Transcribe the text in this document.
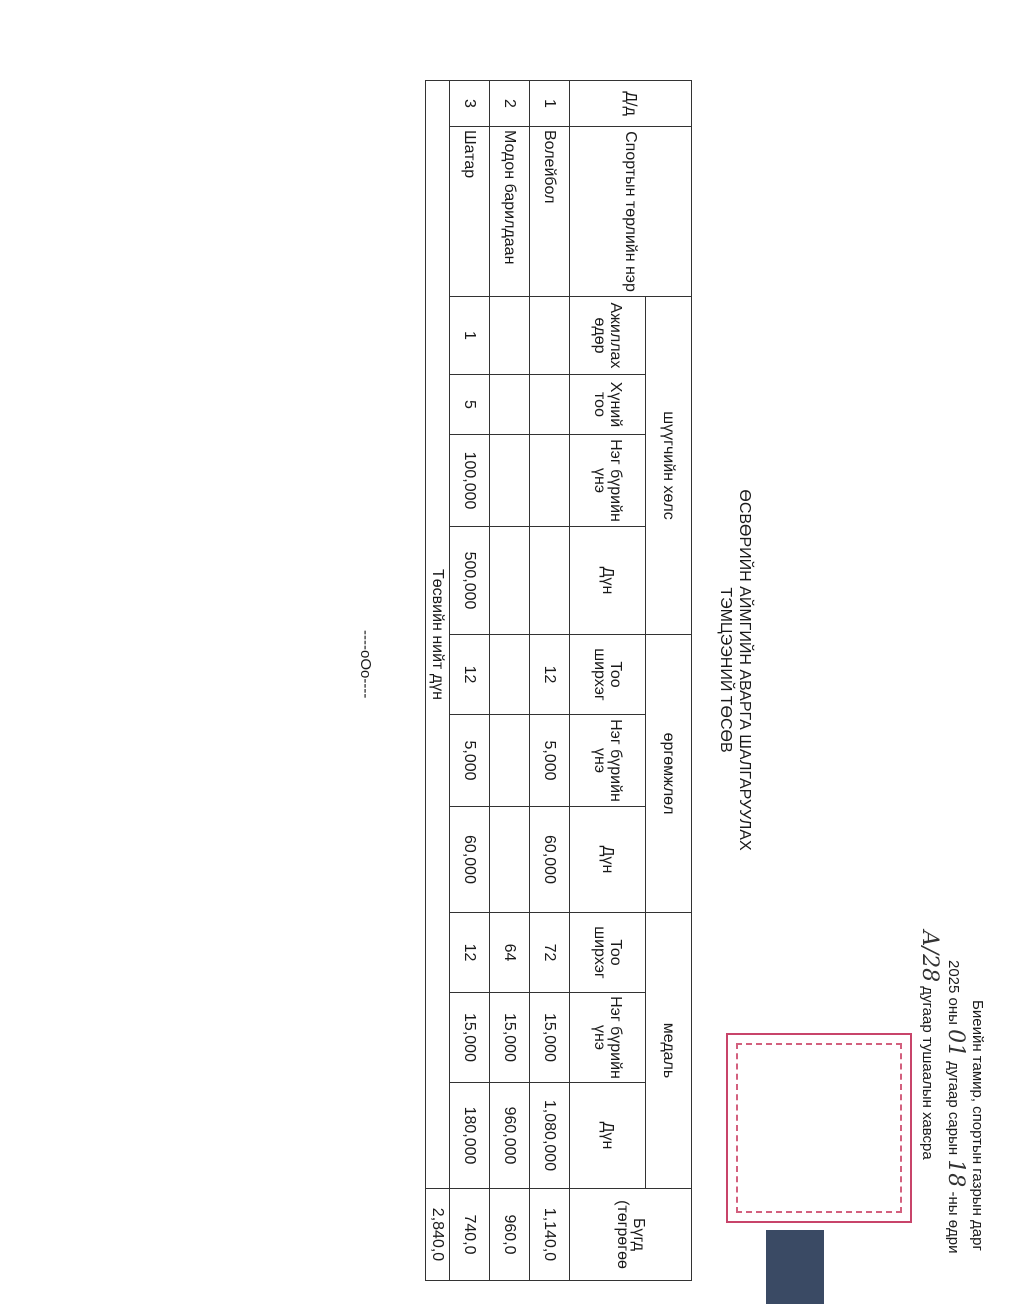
Биеийн тамир, спортын газрын дарг
2025 оны 01 дугаар сарын 18 -ны өдри
А/28 дугаар тушаалын хавсра
ӨСВӨРИЙН АЙМГИЙН АВАРГА ШАЛГАРУУЛАХ
ТЭМЦЭЭНИЙ ТӨСӨВ
Д/д	Спортын төрлийн нэр	шүүгчийн хөлс				өргөмжлөл			медаль			Бүгд (төгрөгөө
		Ажиллах өдөр	Хүний тоо	Нэг бүрийн үнэ	Дүн	Тоо ширхэг	Нэг бүрийн үнэ	Дүн	Тоо ширхэг	Нэг бүрийн үнэ	Дүн	
1	Волейбол					12	5,000	60,000	72	15,000	1,080,000	1,140,0
2	Модон барилдаан								64	15,000	960,000	960,0
3	Шатар	1	5	100,000	500,000	12	5,000	60,000	12	15,000	180,000	740,0
Төсвийн нийт дүн												2,840,0
----oOo----
